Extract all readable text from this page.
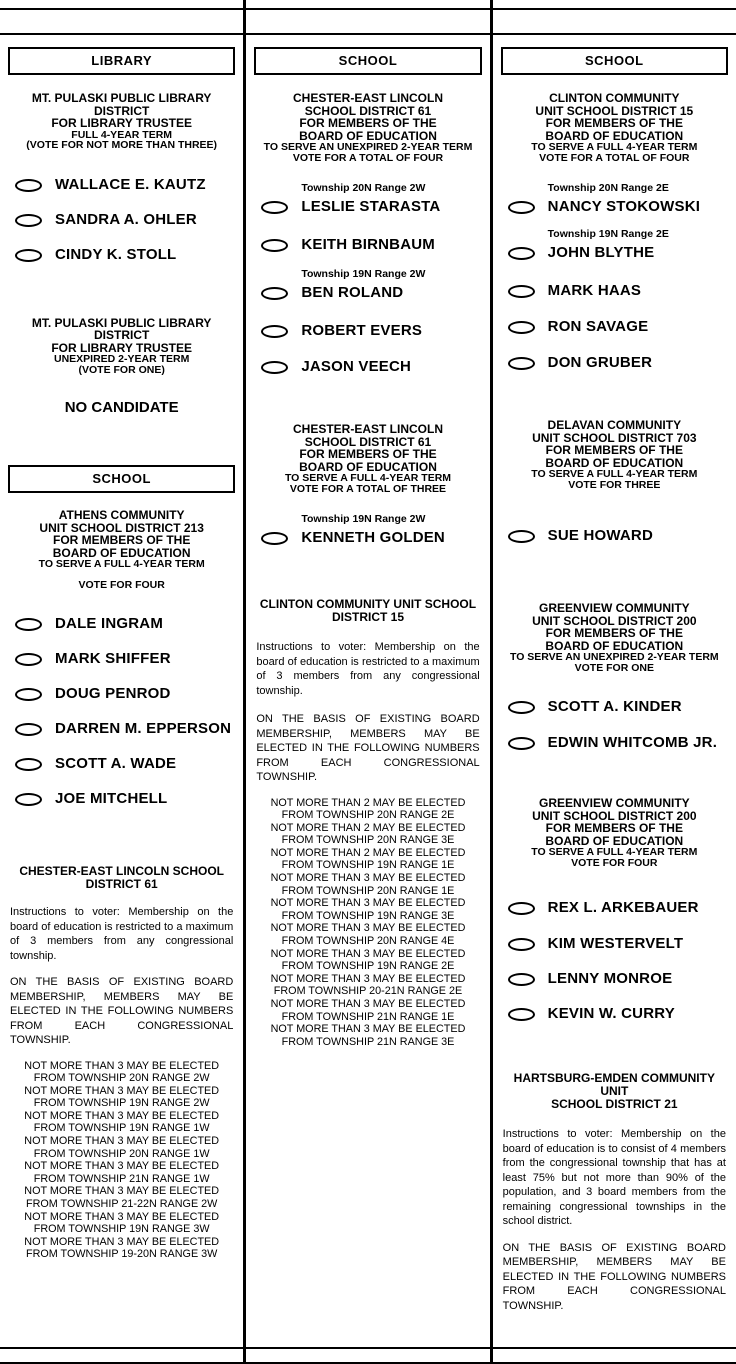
LIBRARY
MT. PULASKI PUBLIC LIBRARY DISTRICT
FOR LIBRARY TRUSTEE
FULL 4-YEAR TERM
(VOTE FOR NOT MORE THAN THREE)
WALLACE E. KAUTZ
SANDRA A. OHLER
CINDY K. STOLL
MT. PULASKI PUBLIC LIBRARY DISTRICT
FOR LIBRARY TRUSTEE
UNEXPIRED 2-YEAR TERM
(VOTE FOR ONE)
NO CANDIDATE
SCHOOL
ATHENS COMMUNITY
UNIT SCHOOL DISTRICT 213
FOR MEMBERS OF THE
BOARD OF EDUCATION
TO SERVE A FULL 4-YEAR TERM
VOTE FOR FOUR
DALE INGRAM
MARK SHIFFER
DOUG PENROD
DARREN M. EPPERSON
SCOTT A. WADE
JOE MITCHELL
CHESTER-EAST LINCOLN SCHOOL
DISTRICT 61
Instructions to voter: Membership on the board of education is restricted to a maximum of 3 members from any congressional township.
ON THE BASIS OF EXISTING BOARD MEMBERSHIP, MEMBERS MAY BE ELECTED IN THE FOLLOWING NUMBERS FROM EACH CONGRESSIONAL TOWNSHIP.
NOT MORE THAN 3 MAY BE ELECTED
FROM TOWNSHIP 20N RANGE 2W
NOT MORE THAN 3 MAY BE ELECTED
FROM TOWNSHIP 19N RANGE 2W
NOT MORE THAN 3 MAY BE ELECTED
FROM TOWNSHIP 19N RANGE 1W
NOT MORE THAN 3 MAY BE ELECTED
FROM TOWNSHIP 20N RANGE 1W
NOT MORE THAN 3 MAY BE ELECTED
FROM TOWNSHIP 21N RANGE 1W
NOT MORE THAN 3 MAY BE ELECTED
FROM TOWNSHIP 21-22N RANGE 2W
NOT MORE THAN 3 MAY BE ELECTED
FROM TOWNSHIP 19N RANGE 3W
NOT MORE THAN 3 MAY BE ELECTED
FROM TOWNSHIP 19-20N RANGE 3W
SCHOOL
CHESTER-EAST LINCOLN
SCHOOL DISTRICT 61
FOR MEMBERS OF THE
BOARD OF EDUCATION
TO SERVE AN UNEXPIRED 2-YEAR TERM
VOTE FOR A TOTAL OF FOUR
Township 20N Range 2W
LESLIE STARASTA
KEITH BIRNBAUM
Township 19N Range 2W
BEN ROLAND
ROBERT EVERS
JASON VEECH
CHESTER-EAST LINCOLN
SCHOOL DISTRICT 61
FOR MEMBERS OF THE
BOARD OF EDUCATION
TO SERVE A FULL 4-YEAR TERM
VOTE FOR A TOTAL OF THREE
Township 19N Range 2W
KENNETH GOLDEN
CLINTON COMMUNITY UNIT SCHOOL
DISTRICT 15
Instructions to voter: Membership on the board of education is restricted to a maximum of 3 members from any congressional township.
ON THE BASIS OF EXISTING BOARD MEMBERSHIP, MEMBERS MAY BE ELECTED IN THE FOLLOWING NUMBERS FROM EACH CONGRESSIONAL TOWNSHIP.
NOT MORE THAN 2 MAY BE ELECTED
FROM TOWNSHIP 20N RANGE 2E
NOT MORE THAN 2 MAY BE ELECTED
FROM TOWNSHIP 20N RANGE 3E
NOT MORE THAN 2 MAY BE ELECTED
FROM TOWNSHIP 19N RANGE 1E
NOT MORE THAN 3 MAY BE ELECTED
FROM TOWNSHIP 20N RANGE 1E
NOT MORE THAN 3 MAY BE ELECTED
FROM TOWNSHIP 19N RANGE 3E
NOT MORE THAN 3 MAY BE ELECTED
FROM TOWNSHIP 20N RANGE 4E
NOT MORE THAN 3 MAY BE ELECTED
FROM TOWNSHIP 19N RANGE 2E
NOT MORE THAN 3 MAY BE ELECTED
FROM TOWNSHIP 20-21N RANGE 2E
NOT MORE THAN 3 MAY BE ELECTED
FROM TOWNSHIP 21N RANGE 1E
NOT MORE THAN 3 MAY BE ELECTED
FROM TOWNSHIP 21N RANGE 3E
SCHOOL
CLINTON COMMUNITY
UNIT SCHOOL DISTRICT 15
FOR MEMBERS OF THE
BOARD OF EDUCATION
TO SERVE A FULL 4-YEAR TERM
VOTE FOR A TOTAL OF FOUR
Township 20N Range 2E
NANCY STOKOWSKI
Township 19N Range 2E
JOHN BLYTHE
MARK HAAS
RON SAVAGE
DON GRUBER
DELAVAN COMMUNITY
UNIT SCHOOL DISTRICT 703
FOR MEMBERS OF THE
BOARD OF EDUCATION
TO SERVE A FULL 4-YEAR TERM
VOTE FOR THREE
SUE HOWARD
GREENVIEW COMMUNITY
UNIT SCHOOL DISTRICT 200
FOR MEMBERS OF THE
BOARD OF EDUCATION
TO SERVE AN UNEXPIRED 2-YEAR TERM
VOTE FOR ONE
SCOTT A. KINDER
EDWIN WHITCOMB JR.
GREENVIEW COMMUNITY
UNIT SCHOOL DISTRICT 200
FOR MEMBERS OF THE
BOARD OF EDUCATION
TO SERVE A FULL 4-YEAR TERM
VOTE FOR FOUR
REX L. ARKEBAUER
KIM WESTERVELT
LENNY MONROE
KEVIN W. CURRY
HARTSBURG-EMDEN COMMUNITY UNIT
SCHOOL DISTRICT 21
Instructions to voter: Membership on the board of education is to consist of 4 members from the congressional township that has at least 75% but not more than 90% of the population, and 3 board members from the remaining congressional townships in the school district.
ON THE BASIS OF EXISTING BOARD MEMBERSHIP, MEMBERS MAY BE ELECTED IN THE FOLLOWING NUMBERS FROM EACH CONGRESSIONAL TOWNSHIP.
